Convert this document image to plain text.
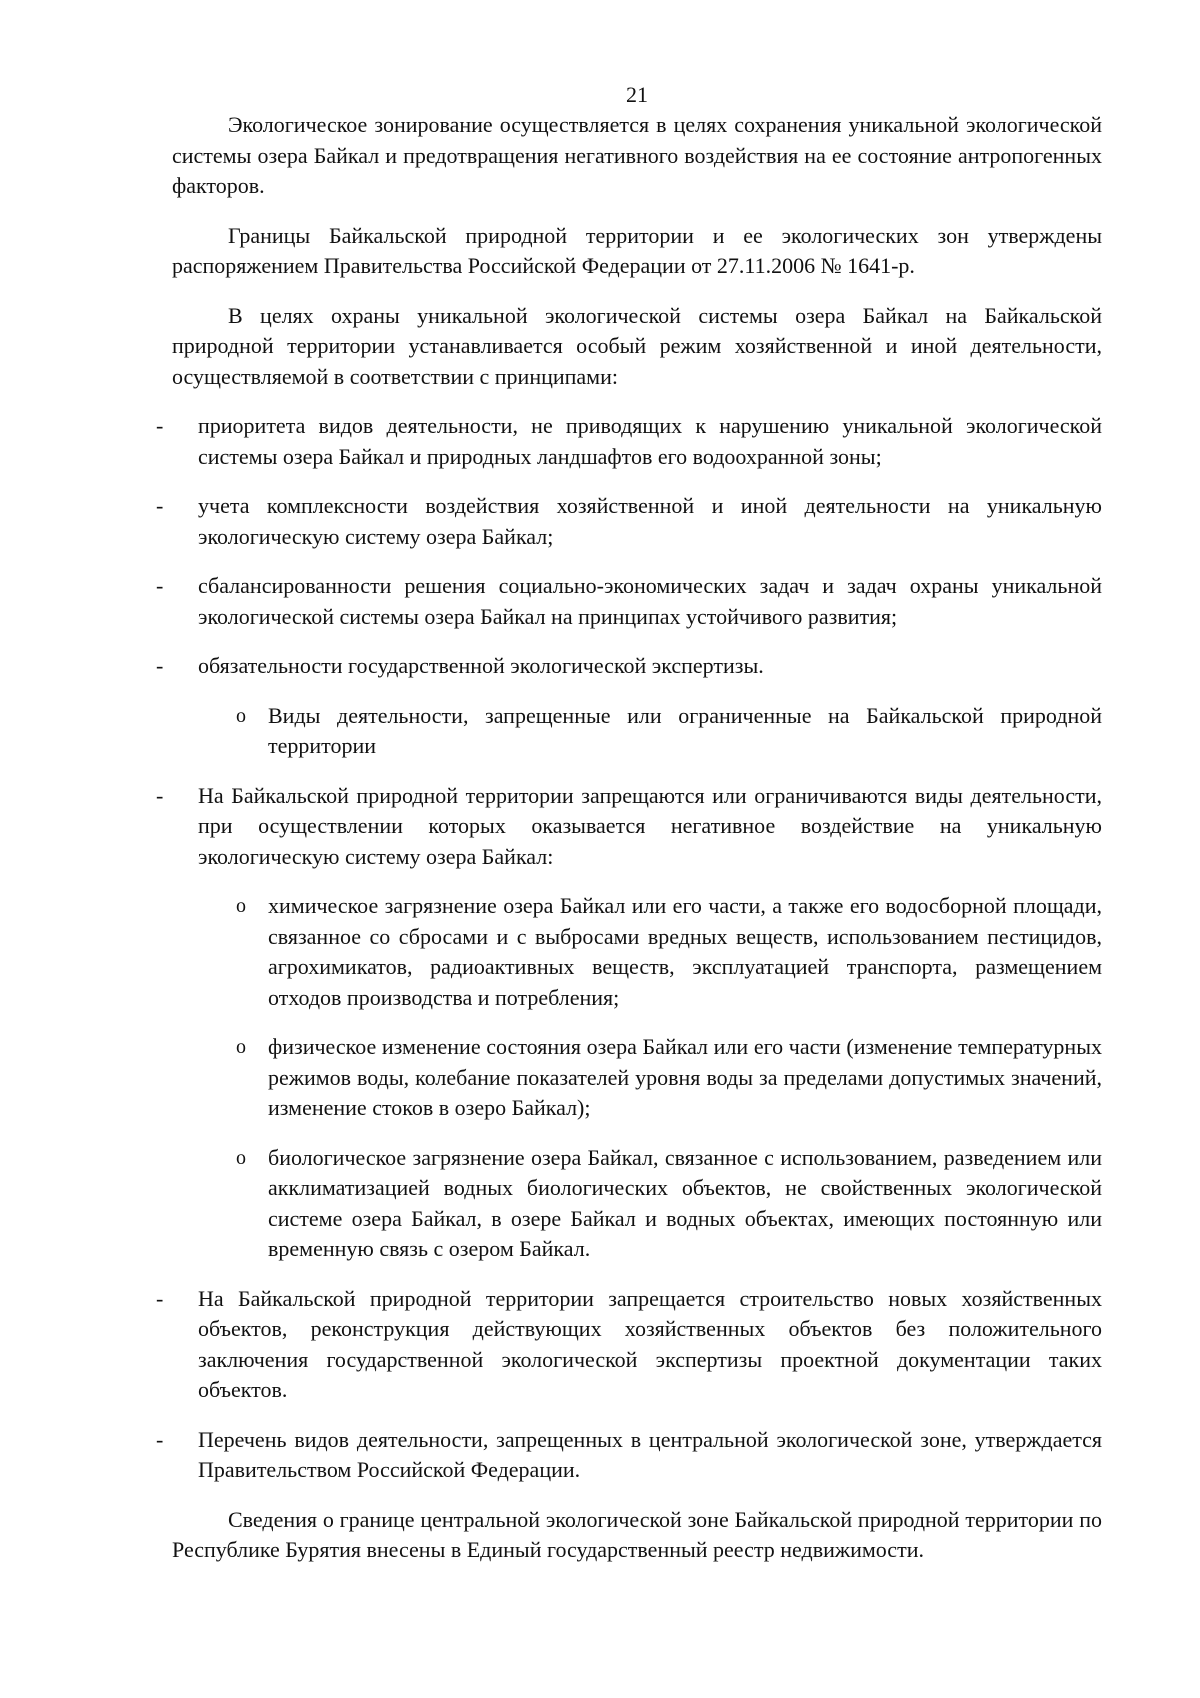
21

Экологическое зонирование осуществляется в целях сохранения уникальной экологической системы озера Байкал и предотвращения негативного воздействия на ее состояние антропогенных факторов.

Границы Байкальской природной территории и ее экологических зон утверждены распоряжением Правительства Российской Федерации от 27.11.2006 № 1641-р.

В целях охраны уникальной экологической системы озера Байкал на Байкальской природной территории устанавливается особый режим хозяйственной и иной деятельности, осуществляемой в соответствии с принципами:

- приоритета видов деятельности, не приводящих к нарушению уникальной экологической системы озера Байкал и природных ландшафтов его водоохранной зоны;
- учета комплексности воздействия хозяйственной и иной деятельности на уникальную экологическую систему озера Байкал;
- сбалансированности решения социально-экономических задач и задач охраны уникальной экологической системы озера Байкал на принципах устойчивого развития;
- обязательности государственной экологической экспертизы.
o Виды деятельности, запрещенные или ограниченные на Байкальской природной территории
- На Байкальской природной территории запрещаются или ограничиваются виды деятельности, при осуществлении которых оказывается негативное воздействие на уникальную экологическую систему озера Байкал:
o химическое загрязнение озера Байкал или его части, а также его водосборной площади, связанное со сбросами и с выбросами вредных веществ, использованием пестицидов, агрохимикатов, радиоактивных веществ, эксплуатацией транспорта, размещением отходов производства и потребления;
o физическое изменение состояния озера Байкал или его части (изменение температурных режимов воды, колебание показателей уровня воды за пределами допустимых значений, изменение стоков в озеро Байкал);
o биологическое загрязнение озера Байкал, связанное с использованием, разведением или акклиматизацией водных биологических объектов, не свойственных экологической системе озера Байкал, в озере Байкал и водных объектах, имеющих постоянную или временную связь с озером Байкал.
- На Байкальской природной территории запрещается строительство новых хозяйственных объектов, реконструкция действующих хозяйственных объектов без положительного заключения государственной экологической экспертизы проектной документации таких объектов.
- Перечень видов деятельности, запрещенных в центральной экологической зоне, утверждается Правительством Российской Федерации.

Сведения о границе центральной экологической зоне Байкальской природной территории по Республике Бурятия внесены в Единый государственный реестр недвижимости.
